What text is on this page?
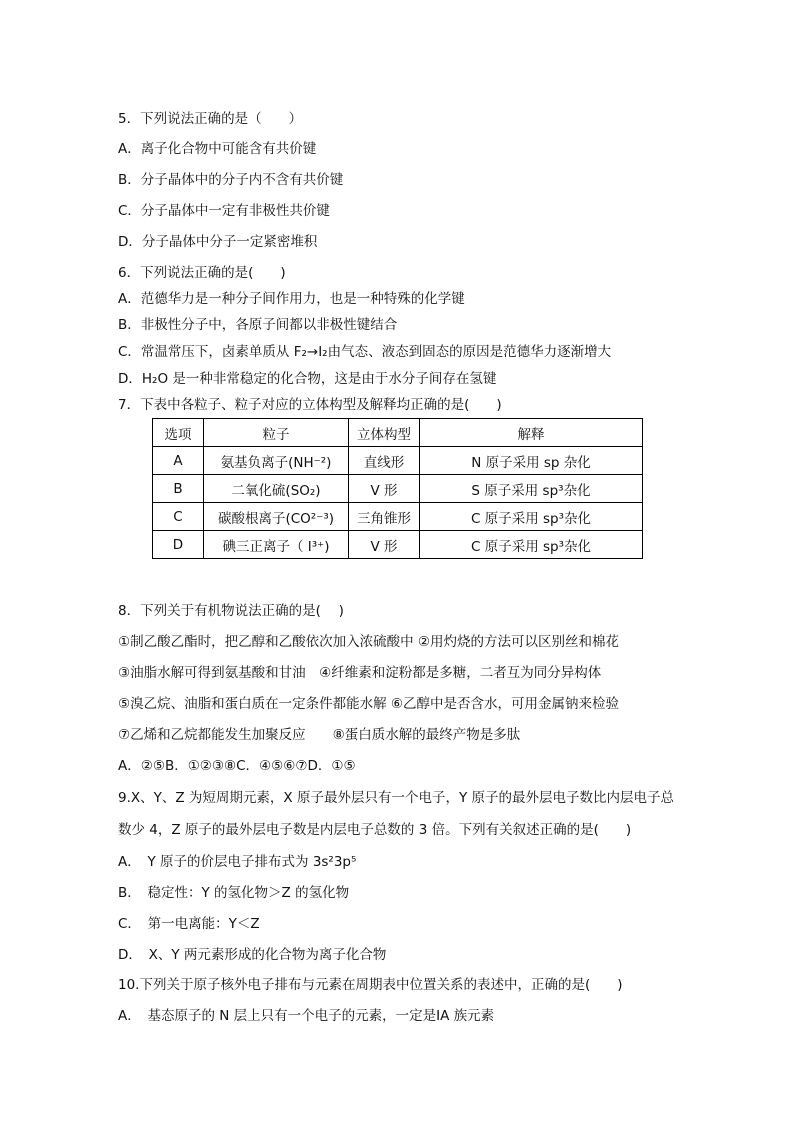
5．下列说法正确的是（　　）
A．离子化合物中可能含有共价键
B．分子晶体中的分子内不含有共价键
C．分子晶体中一定有非极性共价键
D．分子晶体中分子一定紧密堆积
6．下列说法正确的是(　　)
A．范德华力是一种分子间作用力，也是一种特殊的化学键
B．非极性分子中，各原子间都以非极性键结合
C．常温常压下，卤素单质从 F₂→I₂由气态、液态到固态的原因是范德华力逐渐增大
D．H₂O 是一种非常稳定的化合物，这是由于水分子间存在氢键
7．下表中各粒子、粒子对应的立体构型及解释均正确的是(　　)
选项	粒子	立体构型	解释
A	氨基负离子(NH⁻²)	直线形	N 原子采用 sp 杂化
B	二氧化硫(SO₂)	V 形	S 原子采用 sp³杂化
C	碳酸根离子(CO²⁻³)	三角锥形	C 原子采用 sp³杂化
D	碘三正离子（ I³⁺)	V 形	C 原子采用 sp³杂化
8．下列关于有机物说法正确的是(　 )
①制乙酸乙酯时，把乙醇和乙酸依次加入浓硫酸中 ②用灼烧的方法可以区别丝和棉花
③油脂水解可得到氨基酸和甘油　④纤维素和淀粉都是多糖，二者互为同分异构体
⑤溴乙烷、油脂和蛋白质在一定条件都能水解 ⑥乙醇中是否含水，可用金属钠来检验
⑦乙烯和乙烷都能发生加聚反应　　⑧蛋白质水解的最终产物是多肽
A．②⑤B．①②③⑧C．④⑤⑥⑦D．①⑤
9.X、Y、Z 为短周期元素，X 原子最外层只有一个电子，Y 原子的最外层电子数比内层电子总
数少 4，Z 原子的最外层电子数是内层电子总数的 3 倍。下列有关叙述正确的是(　　)
A．　Y 原子的价层电子排布式为 3s²3p⁵
B．　稳定性：Y 的氢化物＞Z 的氢化物
C．　第一电离能：Y＜Z
D．　X、Y 两元素形成的化合物为离子化合物
10.下列关于原子核外电子排布与元素在周期表中位置关系的表述中，正确的是(　　)
A．　基态原子的 N 层上只有一个电子的元素，一定是ⅠA 族元素
